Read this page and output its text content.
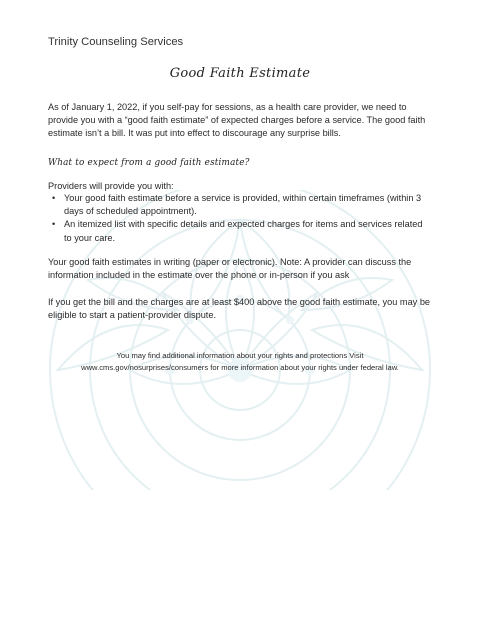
Trinity Counseling Services
Good Faith Estimate
As of January 1, 2022, if you self-pay for sessions, as a health care provider, we need to provide you with a “good faith estimate” of expected charges before a service. The good faith estimate isn’t a bill. It was put into effect to discourage any surprise bills.
What to expect from a good faith estimate?
Providers will provide you with:
• Your good faith estimate before a service is provided, within certain timeframes (within 3 days of scheduled appointment).
• An itemized list with specific details and expected charges for items and services related to your care.
Your good faith estimates in writing (paper or electronic). Note: A provider can discuss the information included in the estimate over the phone or in-person if you ask
If you get the bill and the charges are at least $400 above the good faith estimate, you may be eligible to start a patient-provider dispute.
You may find additional information about your rights and protections Visit
www.cms.gov/nosurprises/consumers for more information about your rights under federal law.
